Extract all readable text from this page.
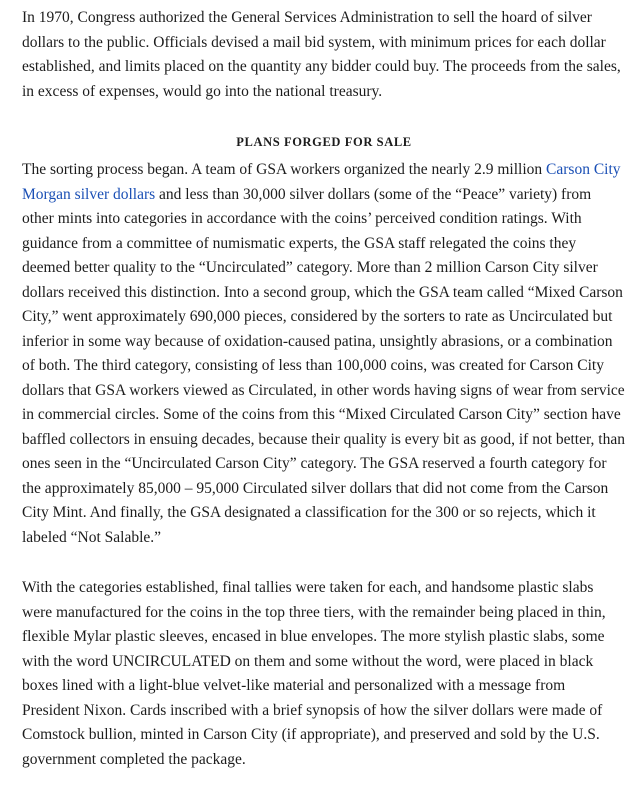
In 1970, Congress authorized the General Services Administration to sell the hoard of silver dollars to the public. Officials devised a mail bid system, with minimum prices for each dollar established, and limits placed on the quantity any bidder could buy. The proceeds from the sales, in excess of expenses, would go into the national treasury.

PLANS FORGED FOR SALE

The sorting process began. A team of GSA workers organized the nearly 2.9 million Carson City Morgan silver dollars and less than 30,000 silver dollars (some of the “Peace” variety) from other mints into categories in accordance with the coins’ perceived condition ratings. With guidance from a committee of numismatic experts, the GSA staff relegated the coins they deemed better quality to the “Uncirculated” category. More than 2 million Carson City silver dollars received this distinction. Into a second group, which the GSA team called “Mixed Carson City,” went approximately 690,000 pieces, considered by the sorters to rate as Uncirculated but inferior in some way because of oxidation-caused patina, unsightly abrasions, or a combination of both. The third category, consisting of less than 100,000 coins, was created for Carson City dollars that GSA workers viewed as Circulated, in other words having signs of wear from service in commercial circles. Some of the coins from this “Mixed Circulated Carson City” section have baffled collectors in ensuing decades, because their quality is every bit as good, if not better, than ones seen in the “Uncirculated Carson City” category. The GSA reserved a fourth category for the approximately 85,000 – 95,000 Circulated silver dollars that did not come from the Carson City Mint. And finally, the GSA designated a classification for the 300 or so rejects, which it labeled “Not Salable.”

With the categories established, final tallies were taken for each, and handsome plastic slabs were manufactured for the coins in the top three tiers, with the remainder being placed in thin, flexible Mylar plastic sleeves, encased in blue envelopes. The more stylish plastic slabs, some with the word UNCIRCULATED on them and some without the word, were placed in black boxes lined with a light-blue velvet-like material and personalized with a message from President Nixon. Cards inscribed with a brief synopsis of how the silver dollars were made of Comstock bullion, minted in Carson City (if appropriate), and preserved and sold by the U.S. government completed the package.
